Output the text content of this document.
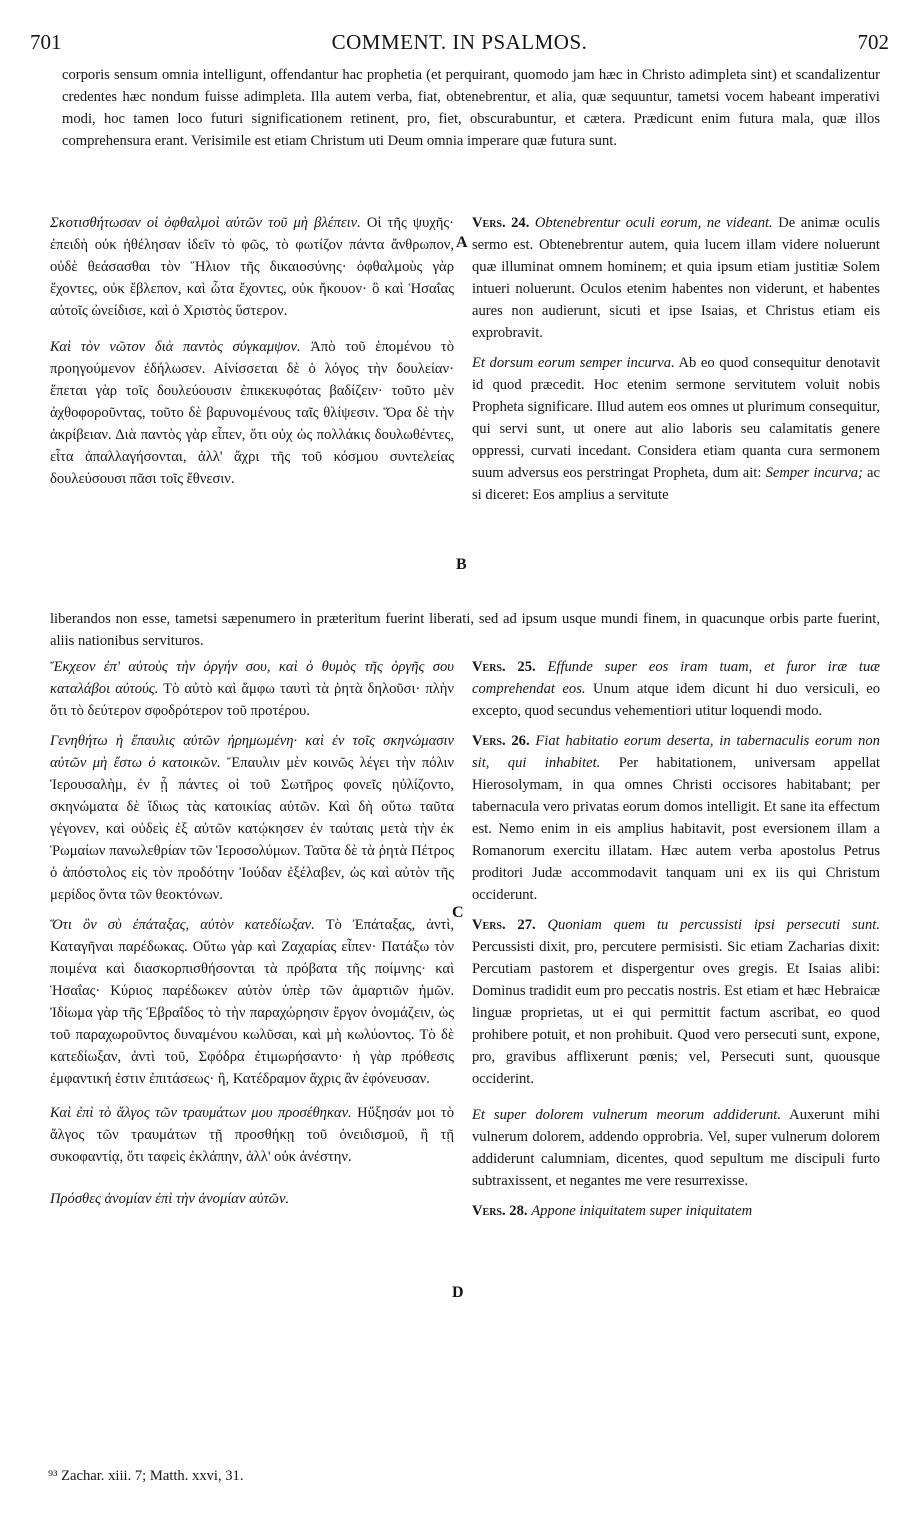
701	COMMENT. IN PSALMOS.	702
corporis sensum omnia intelligunt, offendantur hac prophetia (et perquirant, quomodo jam hæc in Christo adimpleta sint) et scandalizentur credentes hæc nondum fuisse adimpleta. Illa autem verba, fiat, obtenebrentur, et alia, quæ sequuntur, tametsi vocem habeant imperativi modi, hoc tamen loco futuri significationem retinent, pro, fiet, obscurabuntur, et cætera. Prædicunt enim futura mala, quæ illos comprehensura erant. Verisimile est etiam Christum uti Deum omnia imperare quæ futura sunt.

Σκοτισθήτωσαν οἱ ὀφθαλμοὶ αὐτῶν τοῦ μὴ βλέπειν. Οἱ τῆς ψυχῆς· ἐπειδὴ οὐκ ἠθέλησαν ἰδεῖν τὸ φῶς, τὸ φωτίζον πάντα ἄνθρωπον, οὐδὲ θεάσασθαι τὸν Ἥλιον τῆς δικαιοσύνης· ὀφθαλμοὺς γὰρ ἔχοντες, οὐκ ἔβλεπον, καὶ ὦτα ἔχοντες, οὐκ ἤκουον· ὃ καὶ Ἡσαΐας αὐτοῖς ὠνείδισε, καὶ ὁ Χριστὸς ὕστερον.

Καὶ τὸν νῶτον διὰ παντὸς σύγκαμψον. Ἀπὸ τοῦ ἑπομένου τὸ προηγούμενον ἐδήλωσεν. Αἰνίσσεται δὲ ὁ λόγος τὴν δουλείαν· ἕπεται γὰρ τοῖς δουλεύουσιν ἐπικεκυφότας βαδίζειν· τοῦτο μὲν ἀχθοφοροῦντας, τοῦτο δὲ βαρυνομένους ταῖς θλίψεσιν. Ὅρα δὲ τὴν ἀκρίβειαν. Διὰ παντὸς γὰρ εἶπεν, ὅτι οὐχ ὡς πολλάκις δουλωθέντες, εἶτα ἀπαλλαγήσονται, ἀλλ' ἄχρι τῆς τοῦ κόσμου συντελείας δουλεύσουσι πᾶσι τοῖς ἔθνεσιν.

Vers. 24. Obtenebrentur oculi eorum, ne videant. De animæ oculis sermo est. Obtenebrentur autem, quia lucem illam videre noluerunt quæ illuminat omnem hominem; et quia ipsum etiam justitiæ Solem intueri noluerunt. Oculos etenim habentes non viderunt, et habentes aures non audierunt, sicuti et ipse Isaias, et Christus etiam eis exprobravit.

Et dorsum eorum semper incurva. Ab eo quod consequitur denotavit id quod præcedit. Hoc etenim sermone servitutem voluit nobis Propheta significare. Illud autem eos omnes ut plurimum consequitur, qui servi sunt, ut onere aut alio laboris seu calamitatis genere oppressi, curvati incedant. Considera etiam quanta cura sermonem suum adversus eos perstringat Propheta, dum ait: Semper incurva; ac si diceret: Eos amplius a servitute

A
B
liberandos non esse, tametsi sæpenumero in præteritum fuerint liberati, sed ad ipsum usque mundi finem, in quacunque orbis parte fuerint, aliis nationibus servituros.

Ἔκχεον ἐπ' αὐτοὺς τὴν ὀργήν σου, καὶ ὁ θυμὸς τῆς ὀργῆς σου καταλάβοι αὐτούς. Τὸ αὐτὸ καὶ ἄμφω ταυτὶ τὰ ῥητὰ δηλοῦσι· πλὴν ὅτι τὸ δεύτερον σφοδρότερον τοῦ προτέρου.

Γενηθήτω ἡ ἔπαυλις αὐτῶν ἠρημωμένη· καὶ ἐν τοῖς σκηνώμασιν αὐτῶν μὴ ἔστω ὁ κατοικῶν. Ἔπαυλιν μὲν κοινῶς λέγει τὴν πόλιν Ἱερουσαλὴμ, ἐν ᾗ πάντες οἱ τοῦ Σωτῆρος φονεῖς ηὐλίζοντο, σκηνώματα δὲ ἴδιως τὰς κατοικίας αὐτῶν. Καὶ δὴ οὕτω ταῦτα γέγονεν, καὶ οὐδεὶς ἐξ αὐτῶν κατῴκησεν ἐν ταύταις μετὰ τὴν ἐκ Ῥωμαίων πανωλεθρίαν τῶν Ἱεροσολύμων. Ταῦτα δὲ τὰ ῥητὰ Πέτρος ὁ ἀπόστολος εἰς τὸν προδότην Ἰούδαν ἐξέλαβεν, ὡς καὶ αὐτὸν τῆς μερίδος ὄντα τῶν θεοκτόνων.

Ὅτι ὃν σὺ ἐπάταξας, αὐτὸν κατεδίωξαν. Τὸ Ἐπάταξας, ἀντὶ, Καταγῆναι παρέδωκας. Οὕτω γὰρ καὶ Ζαχαρίας εἶπεν· Πατάξω τὸν ποιμένα καὶ διασκορπισθήσονται τὰ πρόβατα τῆς ποίμνης· καὶ Ἡσαΐας· Κύριος παρέδωκεν αὐτὸν ὑπὲρ τῶν ἁμαρτιῶν ἡμῶν. Ἰδίωμα γὰρ τῆς Ἑβραΐδος τὸ τὴν παραχώρησιν ἔργον ὀνομάζειν, ὡς τοῦ παραχωροῦντος δυναμένου κωλῦσαι, καὶ μὴ κωλύοντος. Τὸ δὲ κατεδίωξαν, ἀντὶ τοῦ, Σφόδρα ἐτιμωρήσαντο· ἡ γὰρ πρόθεσις ἐμφαντική ἐστιν ἐπιτάσεως· ἢ, Κατέδραμον ἄχρις ἂν ἐφόνευσαν.

Καὶ ἐπὶ τὸ ἄλγος τῶν τραυμάτων μου προσέθηκαν. Ηὔξησάν μοι τὸ ἄλγος τῶν τραυμάτων τῇ προσθήκῃ τοῦ ὀνειδισμοῦ, ἢ τῇ συκοφαντίᾳ, ὅτι ταφεὶς ἐκλάπην, ἀλλ' οὐκ ἀνέστην.

Πρόσθες ἀνομίαν ἐπὶ τὴν ἀνομίαν αὐτῶν.

Vers. 25. Effunde super eos iram tuam, et furor iræ tuæ comprehendat eos. Unum atque idem dicunt hi duo versiculi, eo excepto, quod secundus vehementiori utitur loquendi modo.

Vers. 26. Fiat habitatio eorum deserta, in tabernaculis eorum non sit, qui inhabitet. Per habitationem, universam appellat Hierosolymam, in qua omnes Christi occisores habitabant; per tabernacula vero privatas eorum domos intelligit. Et sane ita effectum est. Nemo enim in eis amplius habitavit, post eversionem illam a Romanorum exercitu illatam. Hæc autem verba apostolus Petrus proditori Judæ accommodavit tanquam uni ex iis qui Christum occiderunt.

Vers. 27. Quoniam quem tu percussisti ipsi persecuti sunt. Percussisti dixit, pro, percutere permisisti. Sic etiam Zacharias dixit: Percutiam pastorem et dispergentur oves gregis. Et Isaias alibi: Dominus tradidit eum pro peccatis nostris. Est etiam et hæc Hebraicæ linguæ proprietas, ut ei qui permittit factum ascribat, eo quod prohibere potuit, et non prohibuit. Quod vero persecuti sunt, expone, pro, gravibus afflixerunt pœnis; vel, Persecuti sunt, quousque occiderint.

Et super dolorem vulnerum meorum addiderunt. Auxerunt mihi vulnerum dolorem, addendo opprobria. Vel, super vulnerum dolorem addiderunt calumniam, dicentes, quod sepultum me discipuli furto subtraxissent, et negantes me vere resurrexisse.

Vers. 28. Appone iniquitatem super iniquitatem

C
D
⁹³ Zachar. xiii. 7; Matth. xxvi, 31.
